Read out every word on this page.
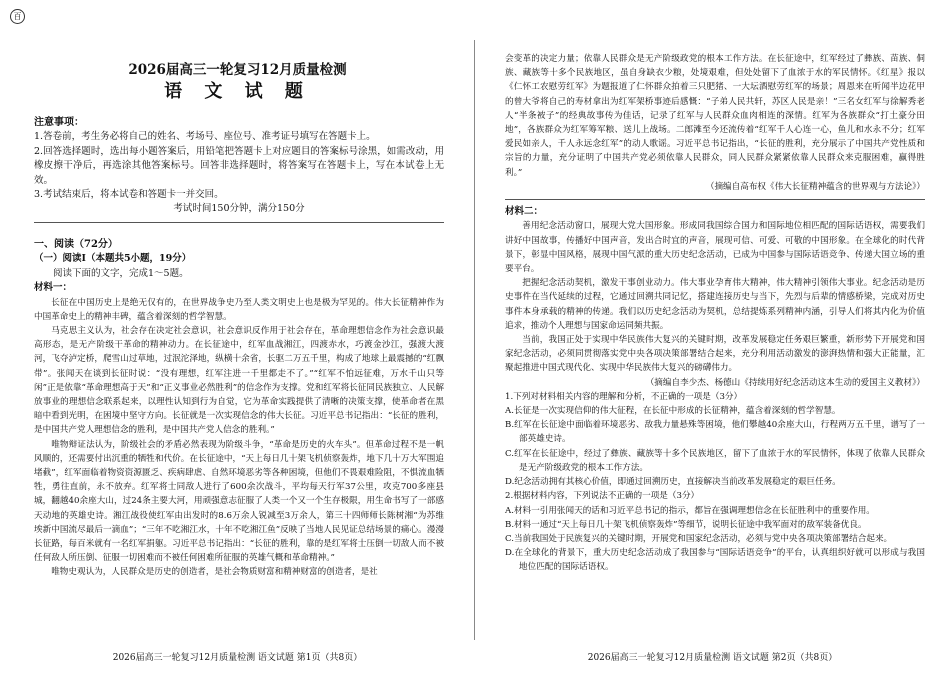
百
2026届高三一轮复习12月质量检测
语 文 试 题

注意事项：

1.答卷前，考生务必将自己的姓名、考场号、座位号、准考证号填写在答题卡上。

2.回答选择题时，选出每小题答案后，用铅笔把答题卡上对应题目的答案标号涂黑，如需改动，用橡皮擦干净后，再选涂其他答案标号。回答非选择题时，将答案写在答题卡上，写在本试卷上无效。

3.考试结束后，将本试卷和答题卡一并交回。

考试时间150分钟，满分150分

一、阅读（72分）

（一）阅读Ⅰ（本题共5小题，19分）

阅读下面的文字，完成1～5题。

材料一：

长征在中国历史上是绝无仅有的，在世界战争史乃至人类文明史上也是极为罕见的。伟大长征精神作为中国革命史上的精神丰碑，蕴含着深刻的哲学智慧。

马克思主义认为，社会存在决定社会意识，社会意识反作用于社会存在，革命理想信念作为社会意识最高形态，是无产阶级干革命的精神动力。在长征途中，红军血战湘江，四渡赤水，巧渡金沙江，强渡大渡河，飞夺泸定桥，爬雪山过草地，过泯沱泽地，纵横十余省，长驱二万五千里，构成了地球上最震撼的“红飘带”。张闻天在谈到长征时说：“没有理想，红军注进一千里都走不了。”“红军不怕远征难，万水千山只等闲”正是依靠“革命理想高于天”和“正义事业必然胜利”的信念作为支撑。党和红军将长征同民族独立、人民解放事业的理想信念联系起来，以理性认知到行为自觉，它为革命实践提供了清晰的决策支撑，使革命者在黑暗中看到光明，在困境中坚守方向。长征就是一次实现信念的伟大长征。习近平总书记指出：“长征的胜利，是中国共产党人理想信念的胜利，是中国共产党人信念的胜利。”

唯物辩证法认为，阶级社会的矛盾必然表现为阶级斗争，“革命是历史的火车头”。但革命过程不是一帆风顺的，还需要付出沉重的牺牲和代价。在长征途中，“天上每日几十架飞机侦察轰炸，地下几十万大军围追堵截”，红军面临着物资资源匮乏、疾病肆虐、自然环境恶劣等各种困境，但他们不畏艰难险阻，不惧流血牺牲，勇往直前，永不放弃。红军将士同敌人进行了600余次战斗，平均每天行军37公里，攻克700多座县城，翻越40余座大山，过24条主要大河，用顽强意志征服了人类一个又一个生存极限，用生命书写了一部感天动地的英雄史诗。湘江战役使红军由出发时的8.6万余人锐减至3万余人，第三十四师师长陈树湘“为苏维埃新中国流尽最后一滴血”；“三年不吃湘江水，十年不吃湘江鱼”反映了当地人民见证总结场景的痛心。漫漫长征路，每百米就有一名红军捐躯。习近平总书记指出：“长征的胜利，靠的是红军将士压倒一切敌人而不被任何敌人所压倒、征服一切困难而不被任何困难所征服的英雄气概和革命精神。”

唯物史观认为，人民群众是历史的创造者，是社会物质财富和精神财富的创造者，是社

2026届高三一轮复习12月质量检测 语文试题 第1页（共8页）

会变革的决定力量；依靠人民群众是无产阶级政党的根本工作方法。在长征途中，红军经过了彝族、苗族、侗族、藏族等十多个民族地区，虽自身缺衣少粮，处境艰难，但处处留下了血浓于水的军民情怀。《红星》报以《仁怀工农慰劳红军》为题报道了仁怀群众拍着三只肥猪、一大坛酒慰劳红军的场景；周恩来在听闻半边花甲的曾大爷将自己的寿材拿出为红军架桥事迹后感慨：“子弟人民共轩，苏区人民是亲！”三名女红军与徐解秀老人“半条被子”的经典故事传为佳话，记录了红军与人民群众血肉相连的深情。红军为各族群众“打土豪分田地”，各族群众为红军筹军粮、送儿上战场。二郎滩至今还流传着“红军千人心连一心，鱼儿和水永不分；红军爱民如亲人，千人永远念红军”的动人歌谣。习近平总书记指出，“长征的胜利，充分展示了中国共产党性质和宗旨的力量，充分证明了中国共产党必须依靠人民群众，同人民群众紧紧依靠人民群众来克服困难，赢得胜利。”

（摘编自高布权《伟大长征精神蕴含的世界观与方法论》）

材料二：

善用纪念活动窗口，展现大党大国形象。形成同我国综合国力和国际地位相匹配的国际话语权，需要我们讲好中国故事，传播好中国声音，发出合时宜的声音，展现可信、可爱、可敬的中国形象。在全球化的时代背景下，彰显中国风格，展现中国气派的重大历史纪念活动，已成为中国参与国际话语竞争、传递大国立场的重要平台。

把握纪念活动契机，激发干事创业动力。伟大事业孕育伟大精神，伟大精神引领伟大事业。纪念活动是历史事件在当代延续的过程，它通过回溯共同记忆，搭建连接历史与当下，先烈与后辈的情感桥梁，完成对历史事件本身承载的精神的传递。我们以历史纪念活动为契机，总结提炼系列精神内涵，引导人们将其内化为价值追求，推动个人理想与国家命运同频共振。

当前，我国正处于实现中华民族伟大复兴的关键时期，改革发展稳定任务艰巨繁重，新形势下开展党和国家纪念活动，必须同贯彻落实党中央各项决策部署结合起来，充分利用活动激发的澎湃热情和强大正能量，汇聚起推进中国式现代化、实现中华民族伟大复兴的磅礴伟力。

（摘编自李少杰、杨德山《持续用好纪念活动这本生动的爱国主义教材》）

1.下列对材料相关内容的理解和分析，不正确的一项是（3分）

A.长征是一次实现信仰的伟大征程，在长征中形成的长征精神，蕴含着深刻的哲学智慧。

B.红军在长征途中面临着环境恶劣、敌我力量悬殊等困境，他们攀越40余座大山，行程两万五千里，谱写了一部英雄史诗。

C.红军在长征途中，经过了彝族、藏族等十多个民族地区，留下了血浓于水的军民情怀，体现了依靠人民群众是无产阶级政党的根本工作方法。

D.纪念活动拥有其核心价值，即通过回溯历史，直接解决当前改革发展稳定的艰巨任务。

2.根据材料内容，下列说法不正确的一项是（3分）

A.材料一引用张闻天的话和习近平总书记的指示，都旨在强调理想信念在长征胜利中的重要作用。

B.材料一通过“天上每日几十架飞机侦察轰炸”等细节，说明长征途中我军面对的敌军装备优良。

C.当前我国处于民族复兴的关键时期，开展党和国家纪念活动，必须与党中央各项决策部署结合起来。

D.在全球化的背景下，重大历史纪念活动成了我国参与“国际话语竞争”的平台，认真组织好就可以形成与我国地位匹配的国际话语权。

2026届高三一轮复习12月质量检测 语文试题 第2页（共8页）
